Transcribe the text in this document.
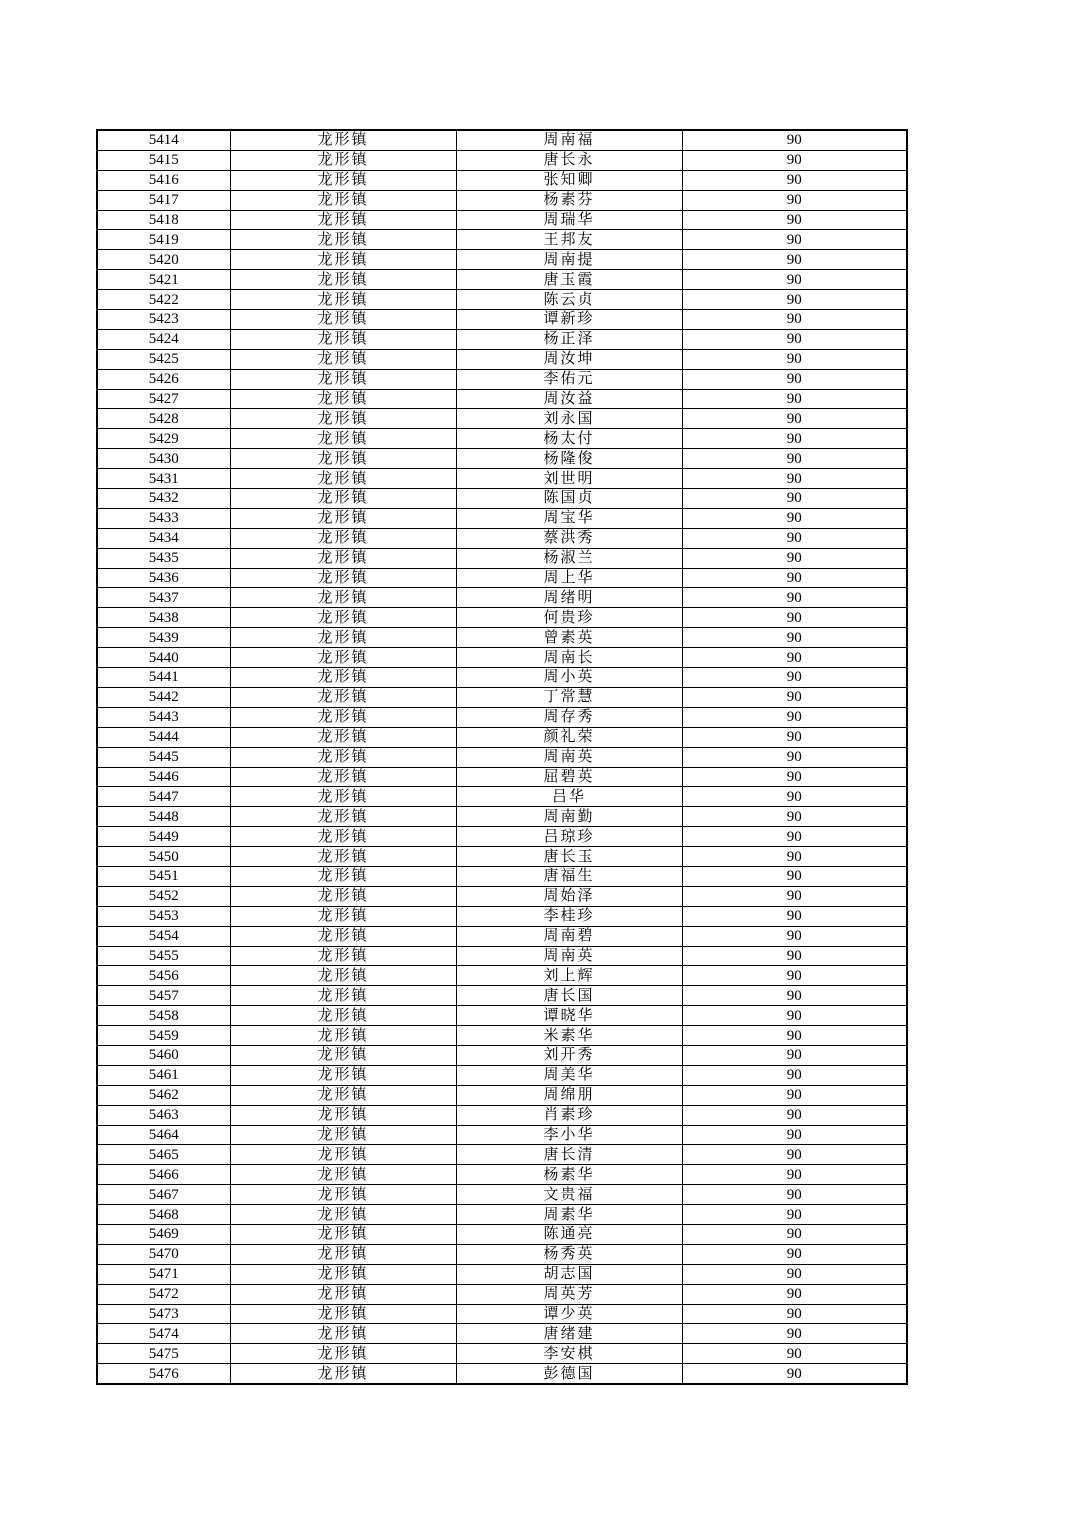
5414	龙形镇	周南福	90
5415	龙形镇	唐长永	90
5416	龙形镇	张知卿	90
5417	龙形镇	杨素芬	90
5418	龙形镇	周瑞华	90
5419	龙形镇	王邦友	90
5420	龙形镇	周南提	90
5421	龙形镇	唐玉霞	90
5422	龙形镇	陈云贞	90
5423	龙形镇	谭新珍	90
5424	龙形镇	杨正泽	90
5425	龙形镇	周汝坤	90
5426	龙形镇	李佑元	90
5427	龙形镇	周汝益	90
5428	龙形镇	刘永国	90
5429	龙形镇	杨太付	90
5430	龙形镇	杨隆俊	90
5431	龙形镇	刘世明	90
5432	龙形镇	陈国贞	90
5433	龙形镇	周宝华	90
5434	龙形镇	蔡洪秀	90
5435	龙形镇	杨淑兰	90
5436	龙形镇	周上华	90
5437	龙形镇	周绪明	90
5438	龙形镇	何贵珍	90
5439	龙形镇	曾素英	90
5440	龙形镇	周南长	90
5441	龙形镇	周小英	90
5442	龙形镇	丁常慧	90
5443	龙形镇	周存秀	90
5444	龙形镇	颜礼荣	90
5445	龙形镇	周南英	90
5446	龙形镇	屈碧英	90
5447	龙形镇	吕华	90
5448	龙形镇	周南勤	90
5449	龙形镇	吕琼珍	90
5450	龙形镇	唐长玉	90
5451	龙形镇	唐福生	90
5452	龙形镇	周始泽	90
5453	龙形镇	李桂珍	90
5454	龙形镇	周南碧	90
5455	龙形镇	周南英	90
5456	龙形镇	刘上辉	90
5457	龙形镇	唐长国	90
5458	龙形镇	谭晓华	90
5459	龙形镇	米素华	90
5460	龙形镇	刘开秀	90
5461	龙形镇	周美华	90
5462	龙形镇	周绵朋	90
5463	龙形镇	肖素珍	90
5464	龙形镇	李小华	90
5465	龙形镇	唐长清	90
5466	龙形镇	杨素华	90
5467	龙形镇	文贵福	90
5468	龙形镇	周素华	90
5469	龙形镇	陈通亮	90
5470	龙形镇	杨秀英	90
5471	龙形镇	胡志国	90
5472	龙形镇	周英芳	90
5473	龙形镇	谭少英	90
5474	龙形镇	唐绪建	90
5475	龙形镇	李安棋	90
5476	龙形镇	彭德国	90
